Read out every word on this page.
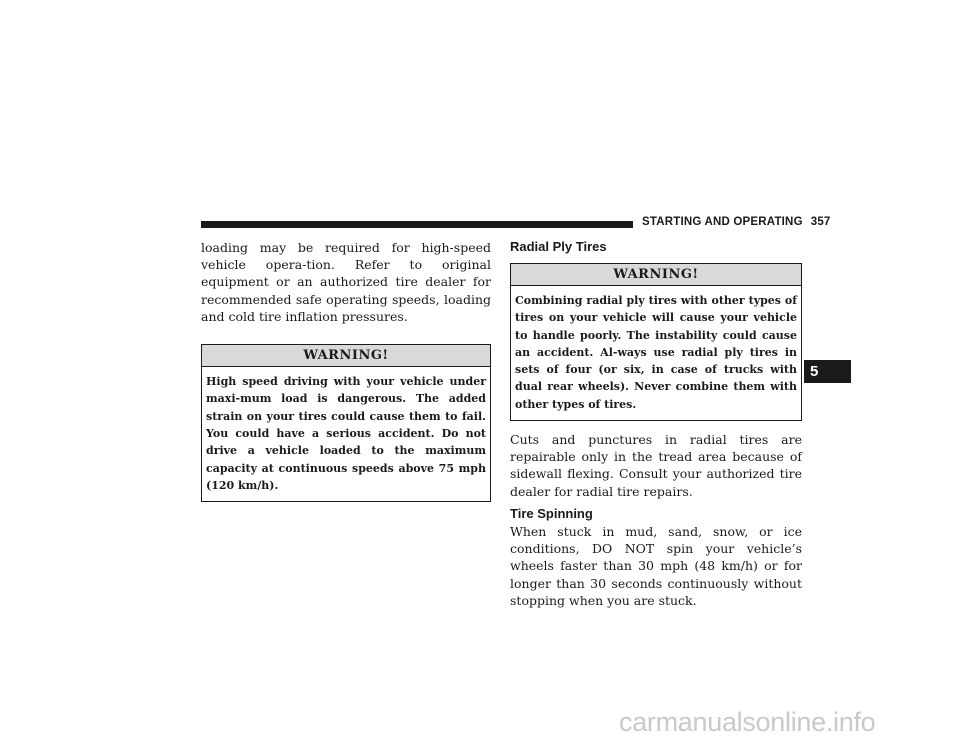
STARTING AND OPERATING 357

loading may be required for high-speed vehicle opera-tion. Refer to original equipment or an authorized tire dealer for recommended safe operating speeds, loading and cold tire inflation pressures.

WARNING!
High speed driving with your vehicle under maxi-mum load is dangerous. The added strain on your tires could cause them to fail. You could have a serious accident. Do not drive a vehicle loaded to the maximum capacity at continuous speeds above 75 mph (120 km/h).
Radial Ply Tires
WARNING!
Combining radial ply tires with other types of tires on your vehicle will cause your vehicle to handle poorly. The instability could cause an accident. Al-ways use radial ply tires in sets of four (or six, in case of trucks with dual rear wheels). Never combine them with other types of tires.

Cuts and punctures in radial tires are repairable only in the tread area because of sidewall flexing. Consult your authorized tire dealer for radial tire repairs.

Tire Spinning

When stuck in mud, sand, snow, or ice conditions, DO NOT spin your vehicle’s wheels faster than 30 mph (48 km/h) or for longer than 30 seconds continuously without stopping when you are stuck.

5
carmanualsonline.info
